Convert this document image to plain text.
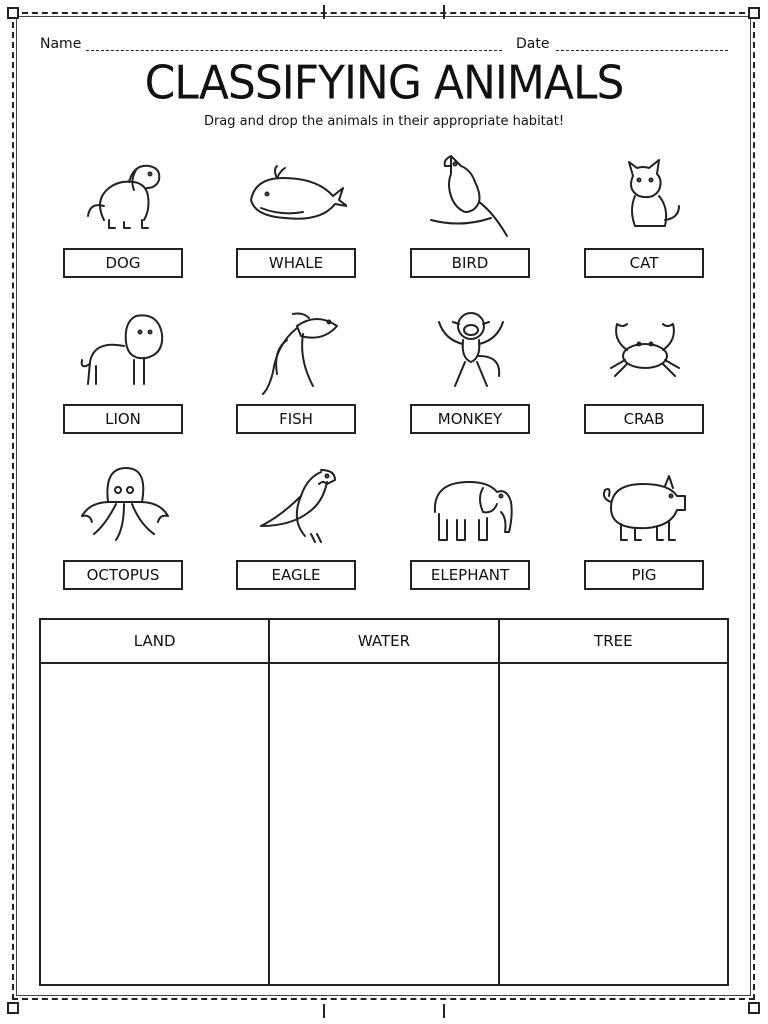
Name	Date
CLASSIFYING ANIMALS
Drag and drop the animals in their appropriate habitat!
DOG	WHALE	BIRD	CAT
LION	FISH	MONKEY	CRAB
OCTOPUS	EAGLE	ELEPHANT	PIG
LAND	WATER	TREE
